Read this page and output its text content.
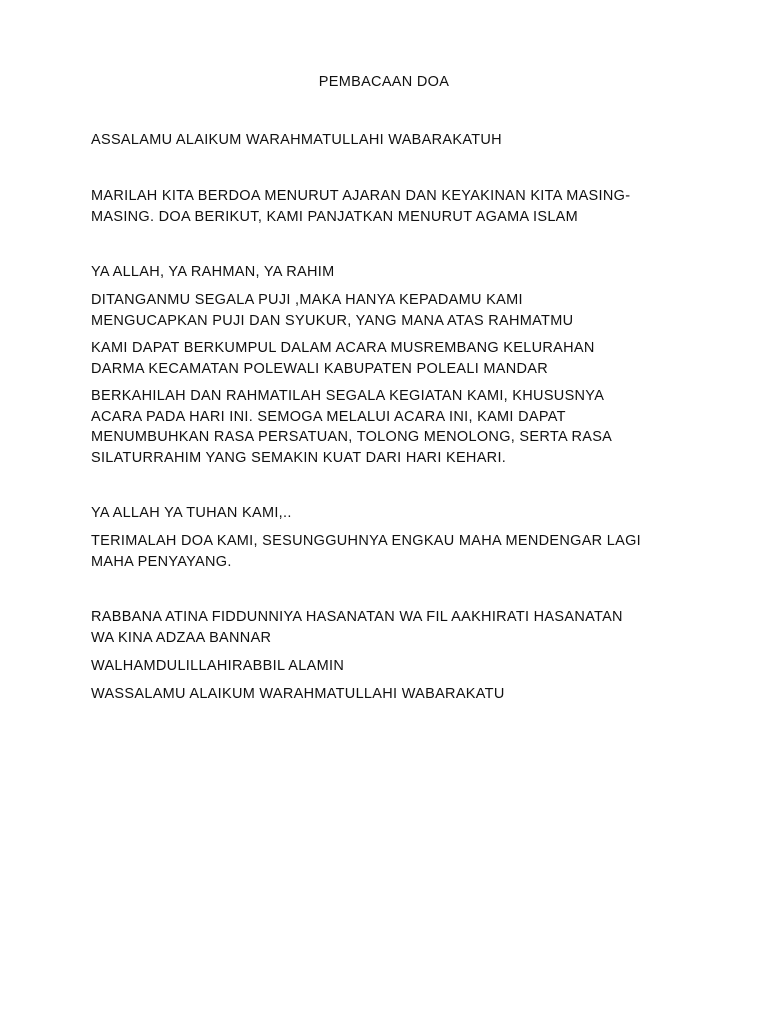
PEMBACAAN DOA

ASSALAMU ALAIKUM WARAHMATULLAHI WABARAKATUH

MARILAH KITA BERDOA MENURUT AJARAN DAN KEYAKINAN KITA MASING-
MASING. DOA BERIKUT, KAMI PANJATKAN MENURUT AGAMA ISLAM

YA ALLAH, YA RAHMAN, YA RAHIM

DITANGANMU SEGALA PUJI ,MAKA HANYA KEPADAMU KAMI
MENGUCAPKAN PUJI DAN SYUKUR, YANG MANA ATAS RAHMATMU

KAMI DAPAT BERKUMPUL DALAM ACARA MUSREMBANG KELURAHAN
DARMA KECAMATAN POLEWALI KABUPATEN POLEALI MANDAR

BERKAHILAH DAN RAHMATILAH SEGALA KEGIATAN KAMI, KHUSUSNYA
ACARA PADA HARI INI. SEMOGA MELALUI ACARA INI, KAMI DAPAT
MENUMBUHKAN RASA PERSATUAN, TOLONG MENOLONG, SERTA RASA
SILATURRAHIM YANG SEMAKIN KUAT DARI HARI KEHARI.

YA ALLAH YA TUHAN KAMI,..

TERIMALAH DOA KAMI, SESUNGGUHNYA ENGKAU MAHA MENDENGAR LAGI
MAHA PENYAYANG.

RABBANA ATINA FIDDUNNIYA HASANATAN WA FIL AAKHIRATI HASANATAN
WA KINA ADZAA BANNAR

WALHAMDULILLAHIRABBIL ALAMIN

WASSALAMU ALAIKUM WARAHMATULLAHI WABARAKATU
